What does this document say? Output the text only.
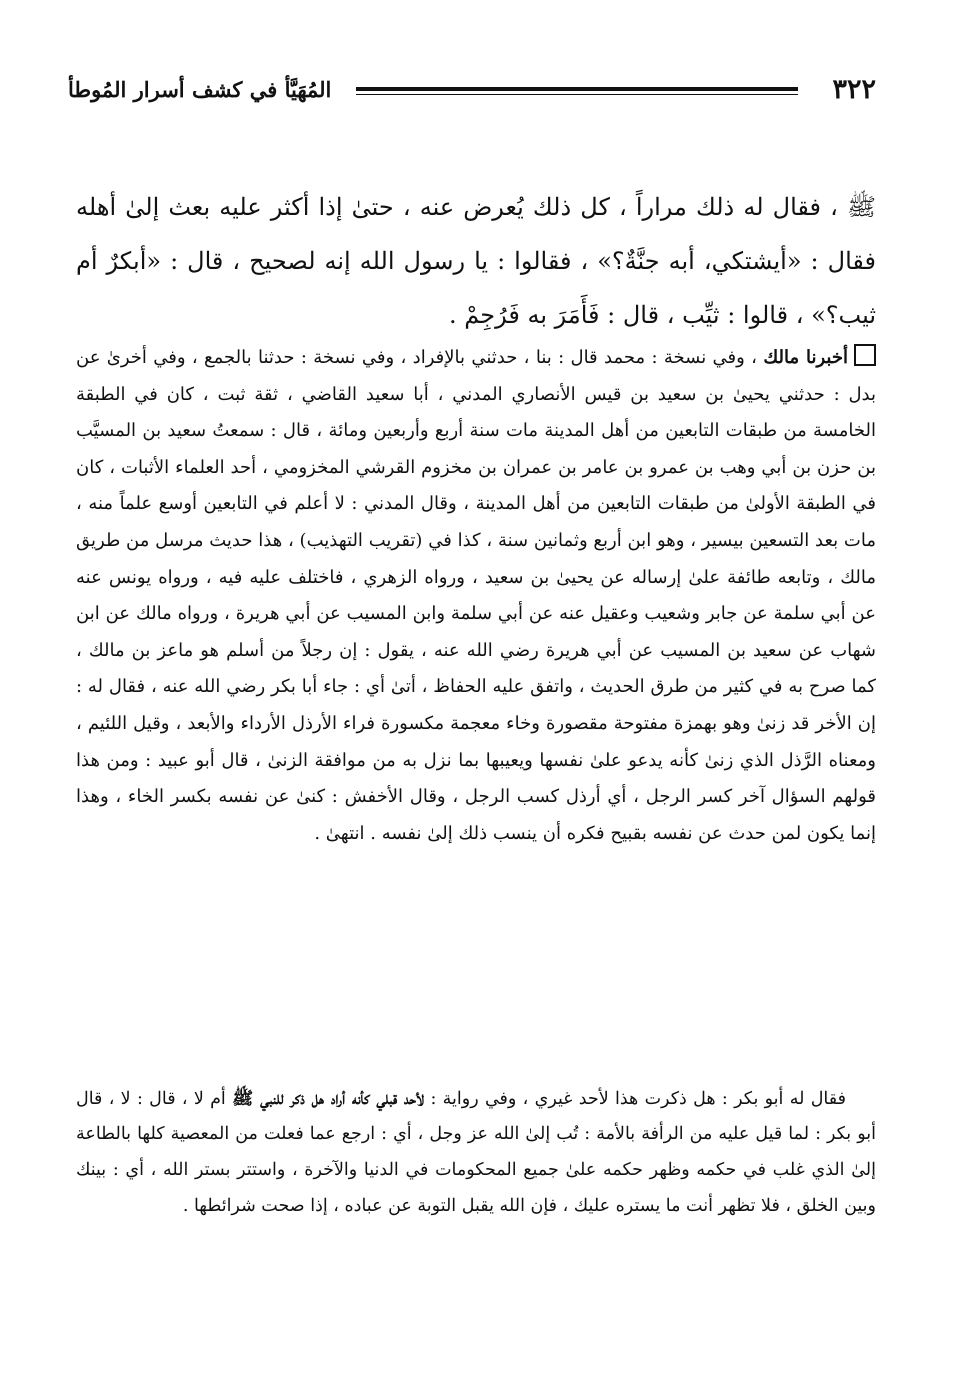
٣٢٢
المُهَيَّأ في كشف أسرار المُوطأ

ﷺ ، فقال له ذلك مراراً ، كل ذلك يُعرض عنه ، حتىٰ إذا أكثر عليه بعث إلىٰ أهله فقال : «أيشتكي، أبه جنَّةٌ؟» ، فقالوا : يا رسول الله إنه لصحيح ، قال : «أبكرٌ أم ثيب؟» ، قالوا : ثيِّب ، قال : فَأَمَرَ به فَرُجِمْ .

أخبرنا مالك ، وفي نسخة : محمد قال : بنا ، حدثني بالإفراد ، وفي نسخة : حدثنا بالجمع ، وفي أخرىٰ عن بدل : حدثني يحيىٰ بن سعيد بن قيس الأنصاري المدني ، أبا سعيد القاضي ، ثقة ثبت ، كان في الطبقة الخامسة من طبقات التابعين من أهل المدينة مات سنة أربع وأربعين ومائة ، قال : سمعتُ سعيد بن المسيَّب بن حزن بن أبي وهب بن عمرو بن عامر بن عمران بن مخزوم القرشي المخزومي ، أحد العلماء الأثبات ، كان في الطبقة الأولىٰ من طبقات التابعين من أهل المدينة ، وقال المدني : لا أعلم في التابعين أوسع علماً منه ، مات بعد التسعين بيسير ، وهو ابن أربع وثمانين سنة ، كذا في (تقريب التهذيب) ، هذا حديث مرسل من طريق مالك ، وتابعه طائفة علىٰ إرساله عن يحيىٰ بن سعيد ، ورواه الزهري ، فاختلف عليه فيه ، ورواه يونس عنه عن أبي سلمة عن جابر وشعيب وعقيل عنه عن أبي سلمة وابن المسيب عن أبي هريرة ، ورواه مالك عن ابن شهاب عن سعيد بن المسيب عن أبي هريرة رضي الله عنه ، يقول : إن رجلاً من أسلم هو ماعز بن مالك ، كما صرح به في كثير من طرق الحديث ، واتفق عليه الحفاظ ، أتىٰ أي : جاء أبا بكر رضي الله عنه ، فقال له : إن الأخر قد زنىٰ وهو بهمزة مفتوحة مقصورة وخاء معجمة مكسورة فراء الأرذل الأرداء والأبعد ، وقيل اللئيم ، ومعناه الرَّذل الذي زنىٰ كأنه يدعو علىٰ نفسها ويعيبها بما نزل به من موافقة الزنىٰ ، قال أبو عبيد : ومن هذا قولهم السؤال آخر كسر الرجل ، أي أرذل كسب الرجل ، وقال الأخفش : كنىٰ عن نفسه بكسر الخاء ، وهذا إنما يكون لمن حدث عن نفسه بقبيح فكره أن ينسب ذلك إلىٰ نفسه . انتهىٰ .

فقال له أبو بكر : هل ذكرت هذا لأحد غيري ، وفي رواية : لأحد قبلي كأنه أراد هل ذكر للنبي ﷺ أم لا ، قال : لا ، قال أبو بكر : لما قيل عليه من الرأفة بالأمة : تُب إلىٰ الله عز وجل ، أي : ارجع عما فعلت من المعصية كلها بالطاعة إلىٰ الذي غلب في حكمه وظهر حكمه علىٰ جميع المحكومات في الدنيا والآخرة ، واستتر بستر الله ، أي : بينك وبين الخلق ، فلا تظهر أنت ما يستره عليك ، فإن الله يقبل التوبة عن عباده ، إذا صحت شرائطها .
